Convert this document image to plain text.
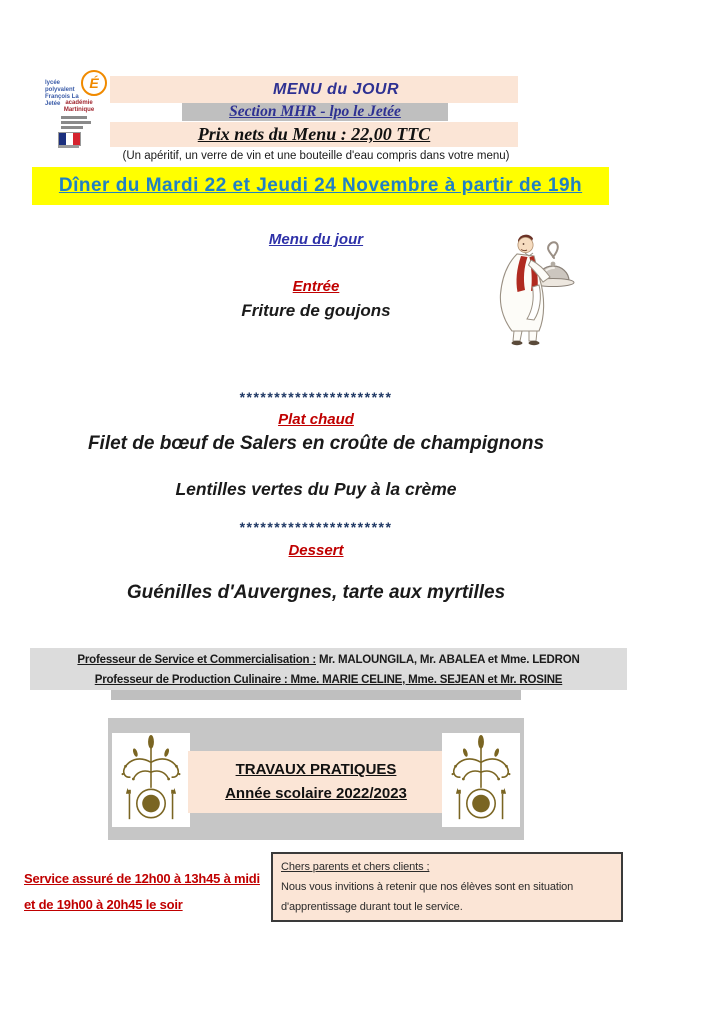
lycée polyvalent
François La Jetée
É
académie
Martinique
MENU du JOUR
Section MHR - lpo le Jetée
Prix nets du Menu : 22,00 TTC
(Un apéritif, un verre de vin et une bouteille d'eau compris dans votre menu)
Dîner du Mardi 22 et Jeudi 24 Novembre à partir de 19h
Menu du jour
Entrée
Friture de goujons
**********************
Plat chaud
Filet de bœuf de Salers en croûte de champignons
Lentilles vertes du Puy à la crème
**********************
Dessert
Guénilles d'Auvergnes, tarte aux myrtilles
Professeur de Service et Commercialisation : Mr. MALOUNGILA, Mr. ABALEA et Mme. LEDRON
Professeur de Production Culinaire : Mme. MARIE CELINE, Mme. SEJEAN et Mr. ROSINE
TRAVAUX PRATIQUES
Année scolaire 2022/2023
Service assuré de 12h00 à 13h45 à midi
et de 19h00 à 20h45 le soir
Chers parents et chers clients ;
Nous vous invitions à retenir que nos élèves sont en situation
d'apprentissage durant tout le service.
